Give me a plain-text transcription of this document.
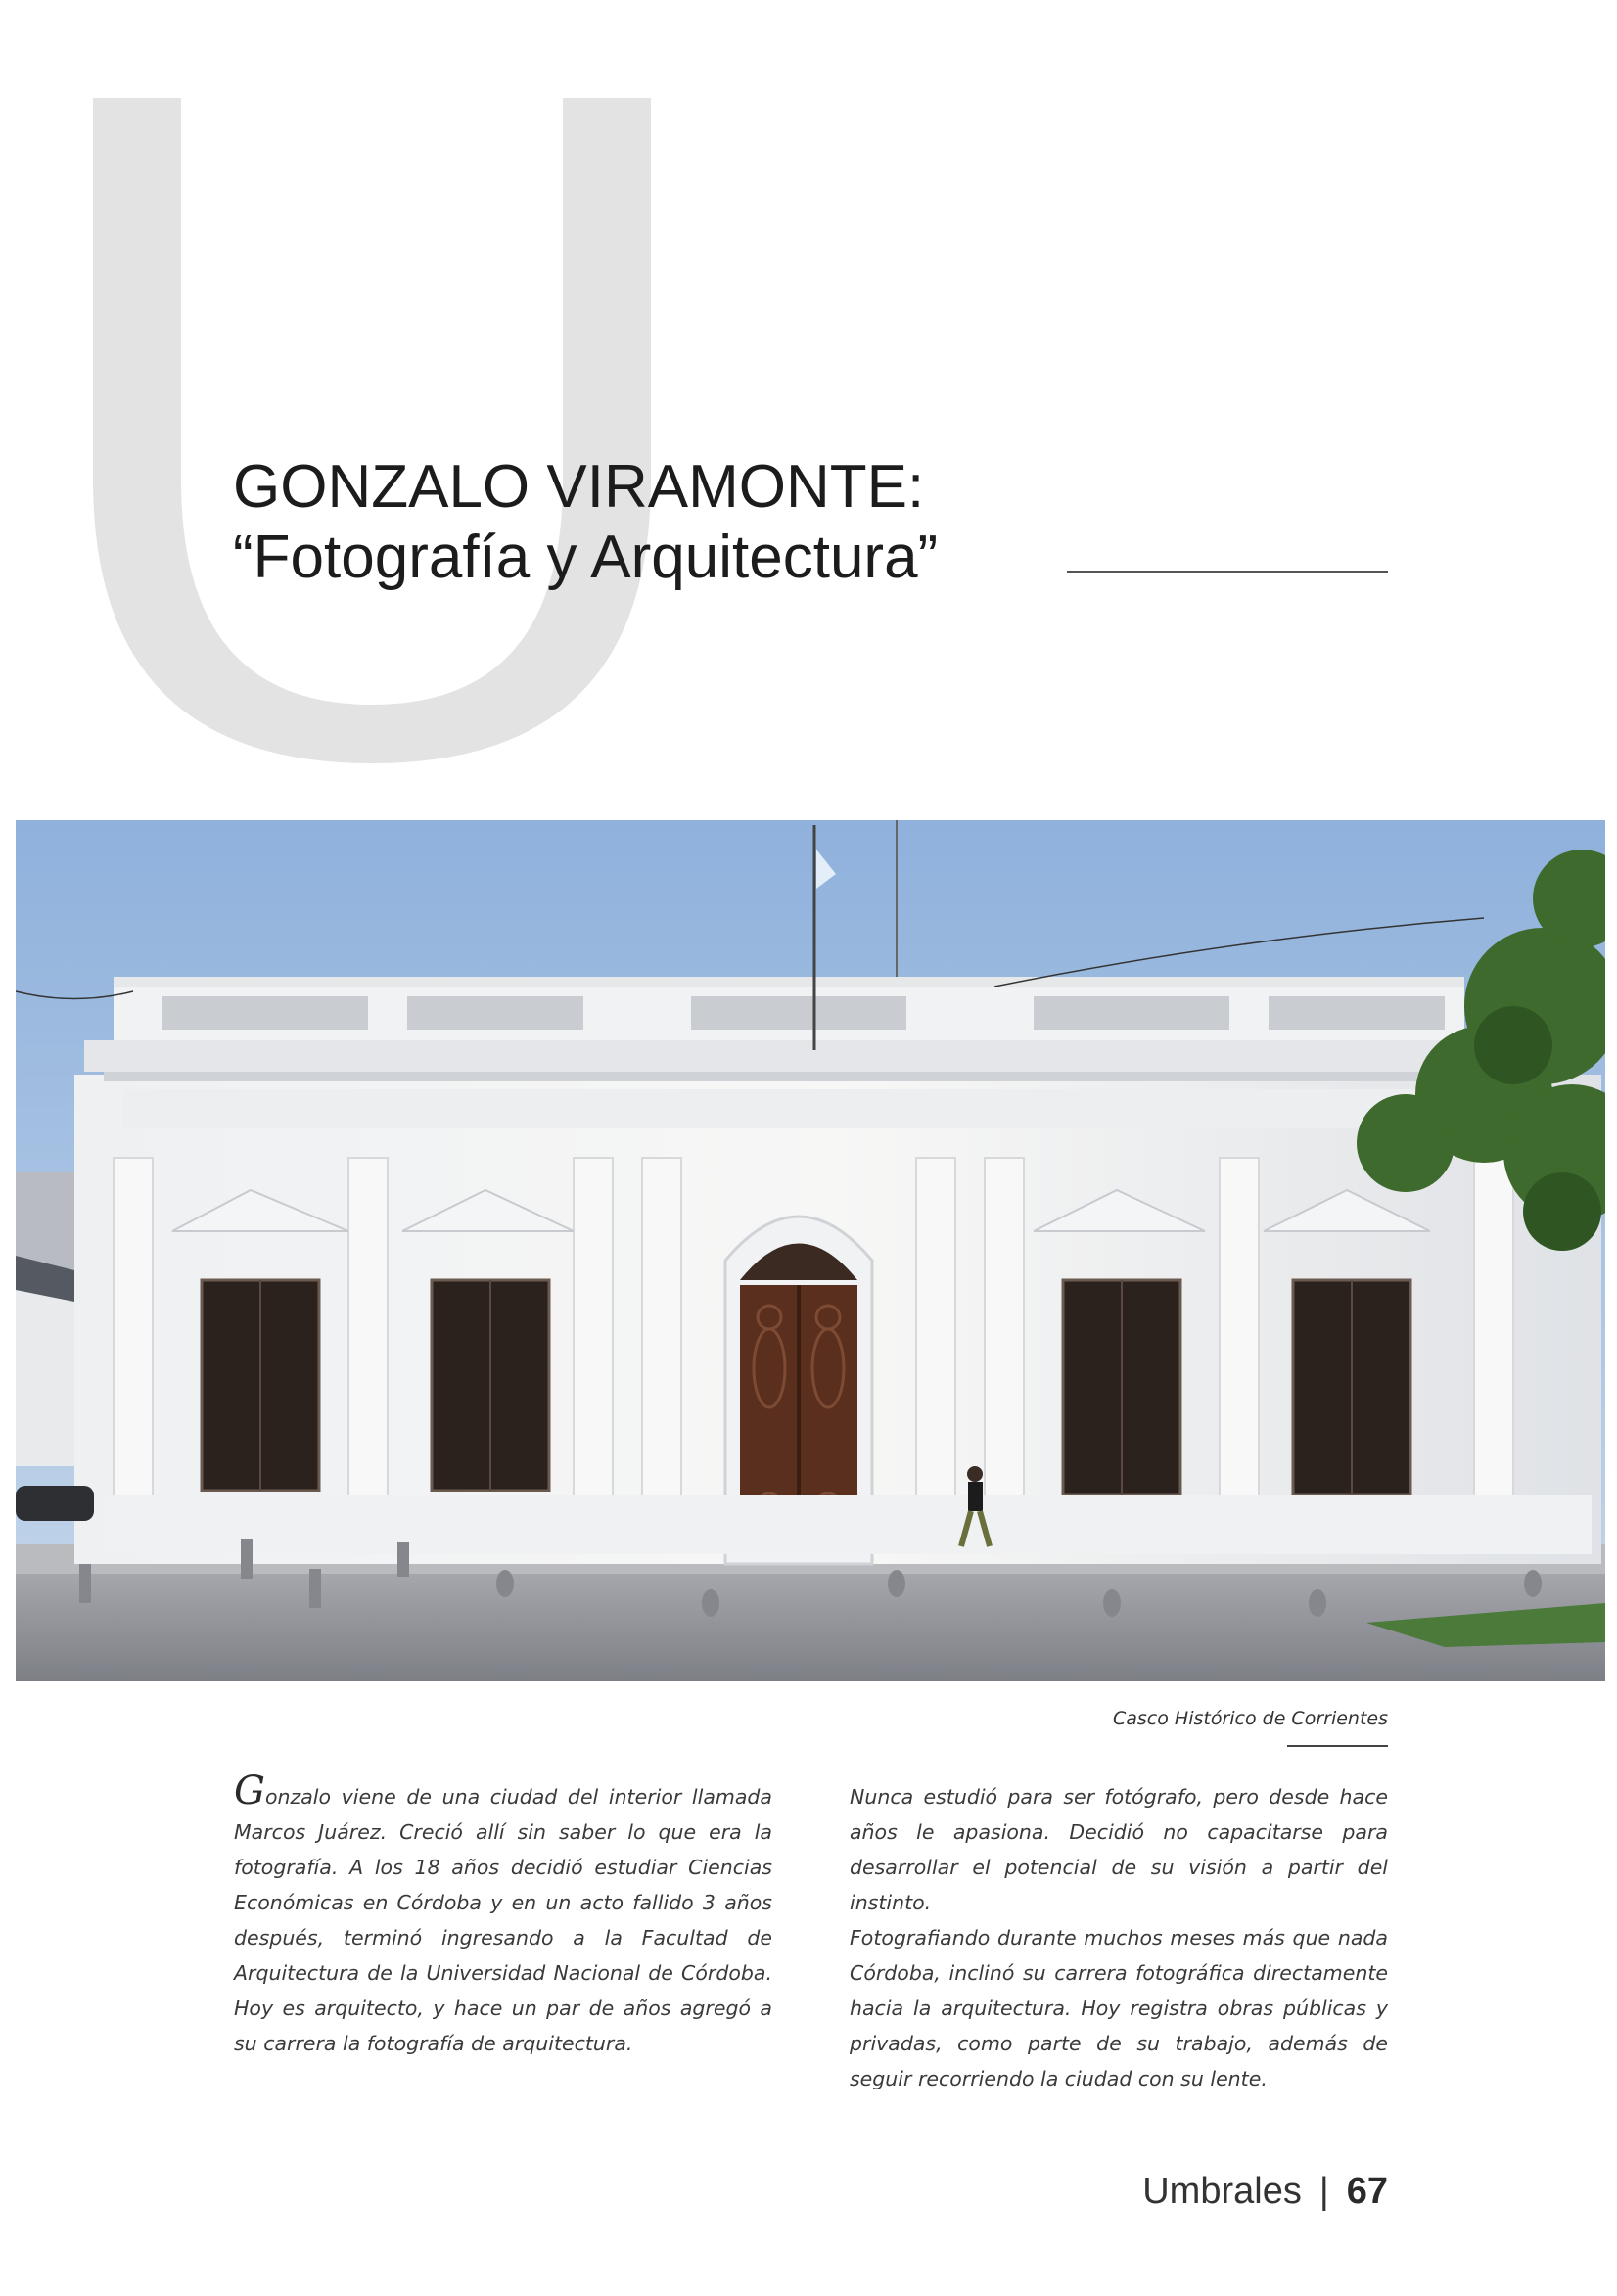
GONZALO VIRAMONTE:
“Fotografía y Arquitectura”
Casco Histórico de Corrientes

Gonzalo viene de una ciudad del interior llamada Marcos Juárez. Creció allí sin saber lo que era la fotografía. A los 18 años decidió estudiar Ciencias Económicas en Córdoba y en un acto fallido 3 años después, terminó ingresando a la Facultad de Arquitectura de la Universidad Nacional de Córdoba. Hoy es arquitecto, y hace un par de años agregó a su carrera la fotografía de arquitectura.

Nunca estudió para ser fotógrafo, pero desde hace años le apasiona. Decidió no capacitarse para desarrollar el potencial de su visión a partir del instinto.

Fotografiando durante muchos meses más que nada Córdoba, inclinó su carrera fotográfica directamente hacia la arquitectura. Hoy registra obras públicas y privadas, como parte de su trabajo, además de seguir recorriendo la ciudad con su lente.

Umbrales | 67
